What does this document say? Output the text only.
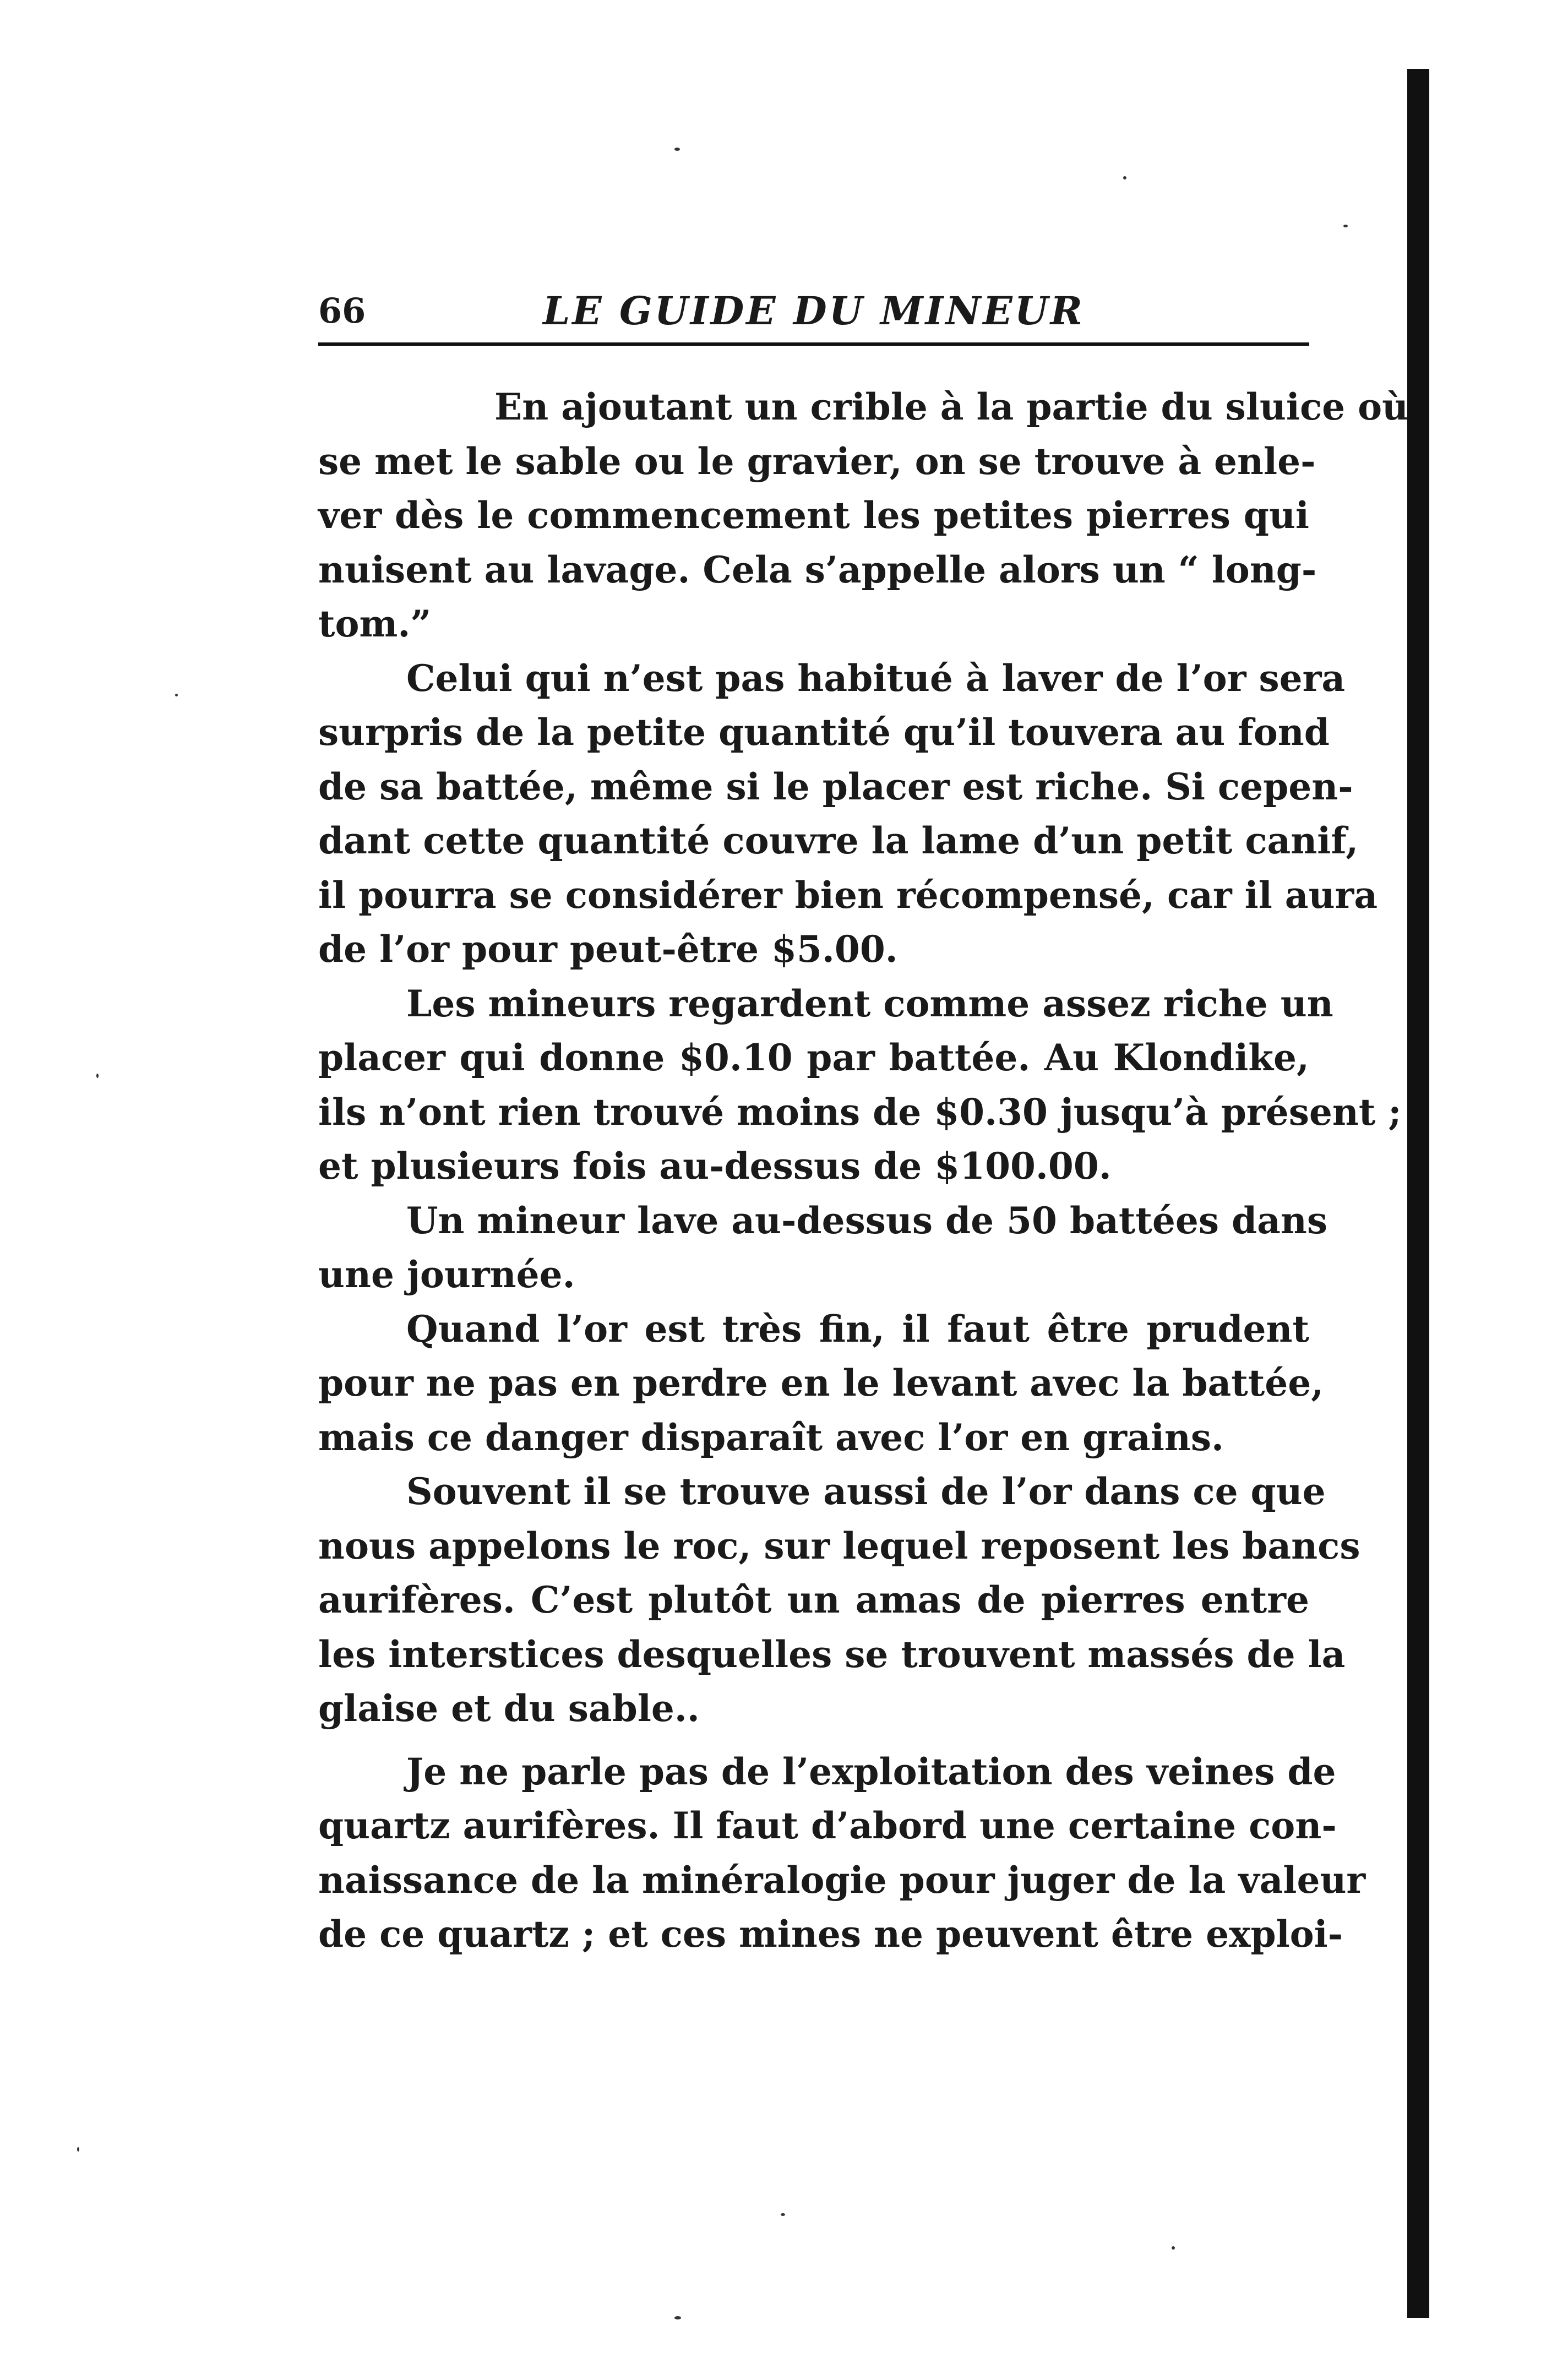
66	LE GUIDE DU MINEUR
En ajoutant un crible à la partie du sluice où
se met le sable ou le gravier, on se trouve à enle-
ver dès le commencement les petites pierres qui
nuisent au lavage. Cela s’appelle alors un “ long-
tom.”
Celui qui n’est pas habitué à laver de l’or sera
surpris de la petite quantité qu’il touvera au fond
de sa battée, même si le placer est riche. Si cepen-
dant cette quantité couvre la lame d’un petit canif,
il pourra se considérer bien récompensé, car il aura
de l’or pour peut-être $5.00.
Les mineurs regardent comme assez riche un
placer qui donne $0.10 par battée. Au Klondike,
ils n’ont rien trouvé moins de $0.30 jusqu’à présent ;
et plusieurs fois au-dessus de $100.00.
Un mineur lave au-dessus de 50 battées dans
une journée.
Quand l’or est très fin, il faut être prudent
pour ne pas en perdre en le levant avec la battée,
mais ce danger disparaît avec l’or en grains.
Souvent il se trouve aussi de l’or dans ce que
nous appelons le roc, sur lequel reposent les bancs
aurifères. C’est plutôt un amas de pierres entre
les interstices desquelles se trouvent massés de la
glaise et du sable..
Je ne parle pas de l’exploitation des veines de
quartz aurifères. Il faut d’abord une certaine con-
naissance de la minéralogie pour juger de la valeur
de ce quartz ; et ces mines ne peuvent être exploi-
